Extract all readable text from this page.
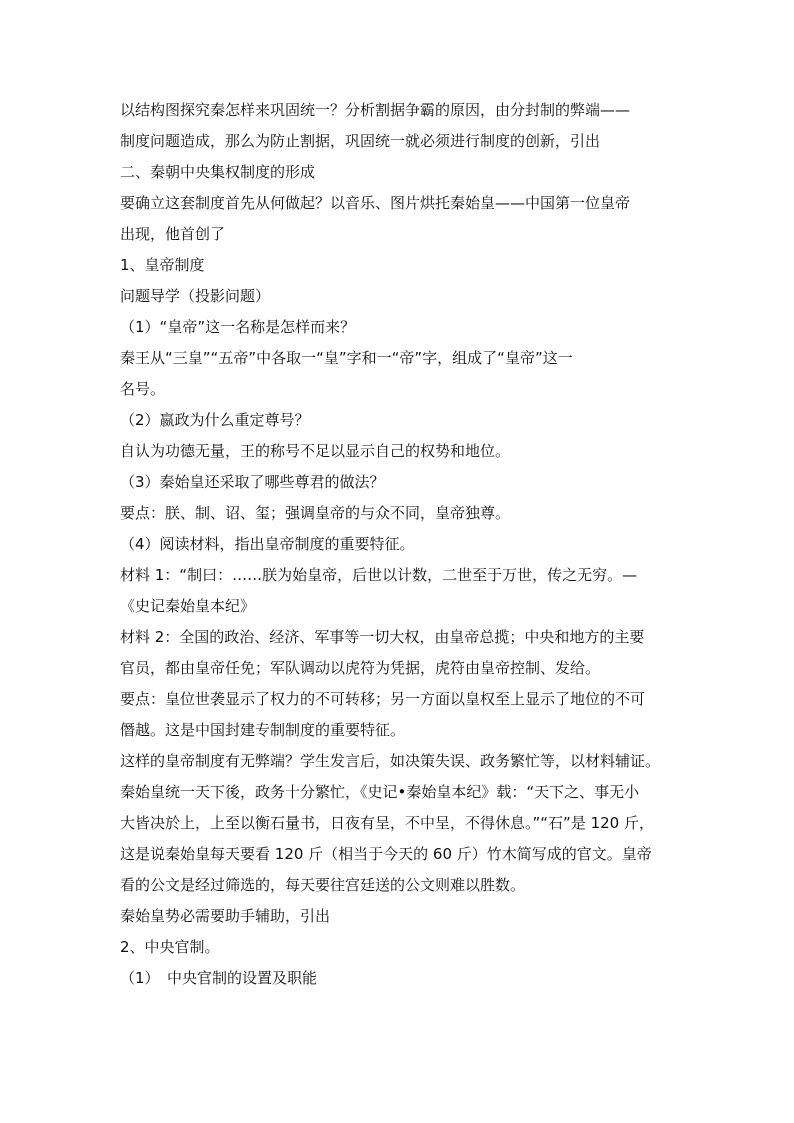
以结构图探究秦怎样来巩固统一？分析割据争霸的原因，由分封制的弊端——
制度问题造成，那么为防止割据，巩固统一就必须进行制度的创新，引出
二、秦朝中央集权制度的形成
要确立这套制度首先从何做起？以音乐、图片烘托秦始皇——中国第一位皇帝
出现，他首创了
1、皇帝制度
问题导学（投影问题）
（1）“皇帝”这一名称是怎样而来？
秦王从“三皇”“五帝”中各取一“皇”字和一“帝”字，组成了“皇帝”这一
名号。
（2）嬴政为什么重定尊号？
自认为功德无量，王的称号不足以显示自己的权势和地位。
（3）秦始皇还采取了哪些尊君的做法？
要点：朕、制、诏、玺；强调皇帝的与众不同，皇帝独尊。
（4）阅读材料，指出皇帝制度的重要特征。
材料 1：“制曰：……朕为始皇帝，后世以计数，二世至于万世，传之无穷。—
《史记秦始皇本纪》
材料 2：全国的政治、经济、军事等一切大权，由皇帝总揽；中央和地方的主要
官员，都由皇帝任免；军队调动以虎符为凭据，虎符由皇帝控制、发给。
要点：皇位世袭显示了权力的不可转移；另一方面以皇权至上显示了地位的不可
僭越。这是中国封建专制制度的重要特征。
这样的皇帝制度有无弊端？学生发言后，如决策失误、政务繁忙等，以材料辅证。
秦始皇统一天下後，政务十分繁忙，《史记•秦始皇本纪》载：“天下之、事无小
大皆决於上，上至以衡石量书，日夜有呈，不中呈，不得休息。”“石”是 120 斤，
这是说秦始皇每天要看 120 斤（相当于今天的 60 斤）竹木简写成的官文。皇帝
看的公文是经过筛选的，每天要往宫廷送的公文则难以胜数。
秦始皇势必需要助手辅助，引出
2、中央官制。
（1）　中央官制的设置及职能
